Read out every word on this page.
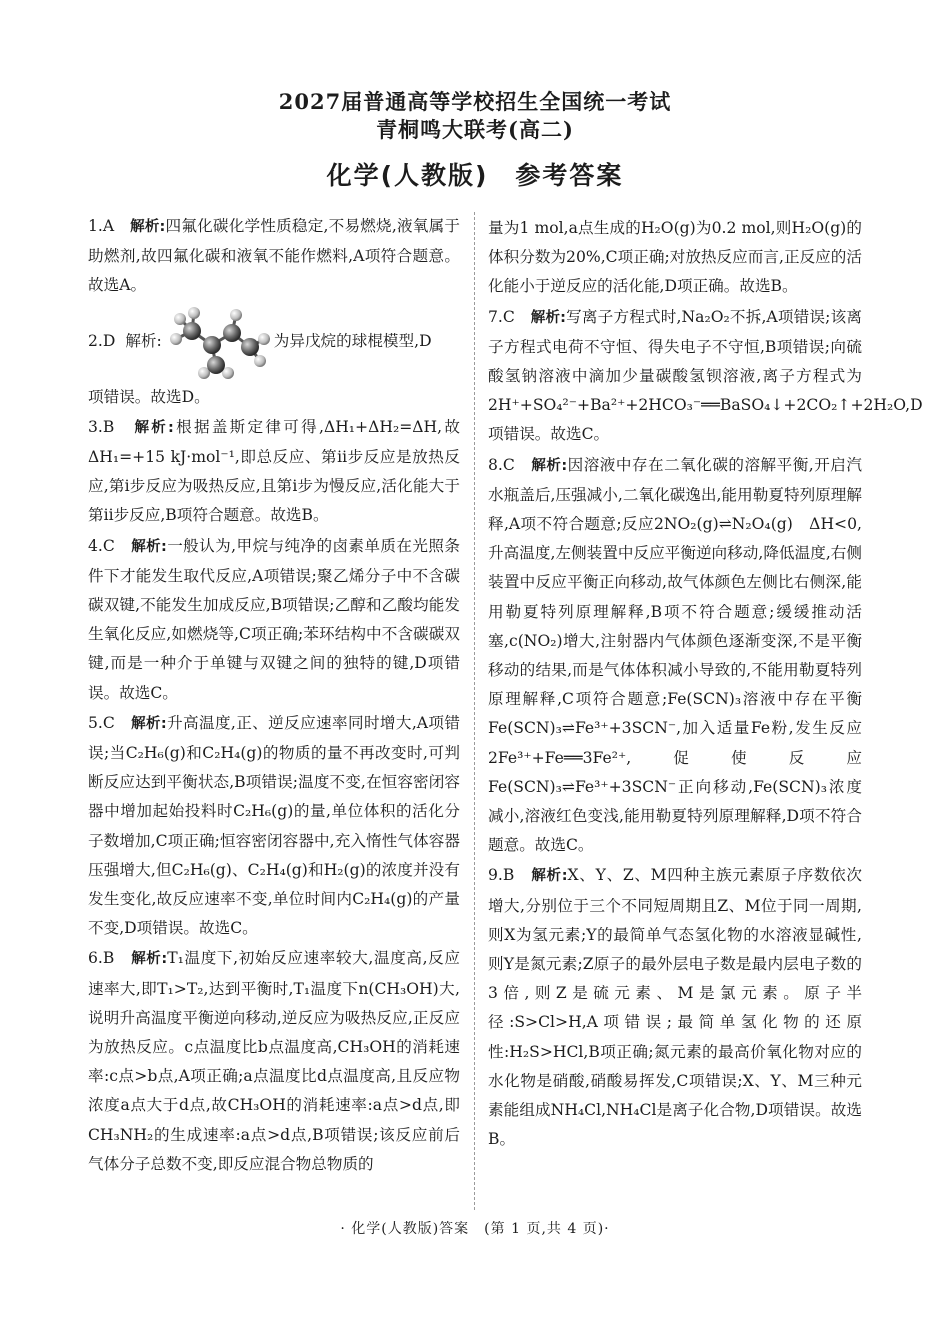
2027届普通高等学校招生全国统一考试
青桐鸣大联考(高二)
化学(人教版)　参考答案
1.A　 解析:四氟化碳化学性质稳定,不易燃烧,液氧属于助燃剂,故四氟化碳和液氧不能作燃料,A项符合题意。故选A。
2.D
解析:	为异戊烷的球棍模型,D
项错误。故选D。
3.B　 解析:根据盖斯定律可得,ΔH₁+ΔH₂=ΔH,故ΔH₁=+15 kJ·mol⁻¹,即总反应、第ⅱ步反应是放热反应,第ⅰ步反应为吸热反应,且第ⅰ步为慢反应,活化能大于第ⅱ步反应,B项符合题意。故选B。
4.C　 解析:一般认为,甲烷与纯净的卤素单质在光照条件下才能发生取代反应,A项错误;聚乙烯分子中不含碳碳双键,不能发生加成反应,B项错误;乙醇和乙酸均能发生氧化反应,如燃烧等,C项正确;苯环结构中不含碳碳双键,而是一种介于单键与双键之间的独特的键,D项错误。故选C。
5.C　 解析:升高温度,正、逆反应速率同时增大,A项错误;当C₂H₆(g)和C₂H₄(g)的物质的量不再改变时,可判断反应达到平衡状态,B项错误;温度不变,在恒容密闭容器中增加起始投料时C₂H₆(g)的量,单位体积的活化分子数增加,C项正确;恒容密闭容器中,充入惰性气体容器压强增大,但C₂H₆(g)、C₂H₄(g)和H₂(g)的浓度并没有发生变化,故反应速率不变,单位时间内C₂H₄(g)的产量不变,D项错误。故选C。
6.B　 解析:T₁温度下,初始反应速率较大,温度高,反应速率大,即T₁>T₂,达到平衡时,T₁温度下n(CH₃OH)大,说明升高温度平衡逆向移动,逆反应为吸热反应,正反应为放热反应。c点温度比b点温度高,CH₃OH的消耗速率:c点>b点,A项正确;a点温度比d点温度高,且反应物浓度a点大于d点,故CH₃OH的消耗速率:a点>d点,即CH₃NH₂的生成速率:a点>d点,B项错误;该反应前后气体分子总数不变,即反应混合物总物质的
量为1 mol,a点生成的H₂O(g)为0.2 mol,则H₂O(g)的体积分数为20%,C项正确;对放热反应而言,正反应的活化能小于逆反应的活化能,D项正确。故选B。
7.C　 解析:写离子方程式时,Na₂O₂不拆,A项错误;该离子方程式电荷不守恒、得失电子不守恒,B项错误;向硫酸氢钠溶液中滴加少量碳酸氢钡溶液,离子方程式为2H⁺+SO₄²⁻+Ba²⁺+2HCO₃⁻══BaSO₄↓+2CO₂↑+2H₂O,D项错误。故选C。
8.C　 解析:因溶液中存在二氧化碳的溶解平衡,开启汽水瓶盖后,压强减小,二氧化碳逸出,能用勒夏特列原理解释,A项不符合题意;反应2NO₂(g)⇌N₂O₄(g)　ΔH<0,升高温度,左侧装置中反应平衡逆向移动,降低温度,右侧装置中反应平衡正向移动,故气体颜色左侧比右侧深,能用勒夏特列原理解释,B项不符合题意;缓缓推动活塞,c(NO₂)增大,注射器内气体颜色逐渐变深,不是平衡移动的结果,而是气体体积减小导致的,不能用勒夏特列原理解释,C项符合题意;Fe(SCN)₃溶液中存在平衡Fe(SCN)₃⇌Fe³⁺+3SCN⁻,加入适量Fe粉,发生反应2Fe³⁺+Fe══3Fe²⁺,促使反应Fe(SCN)₃⇌Fe³⁺+3SCN⁻正向移动,Fe(SCN)₃浓度减小,溶液红色变浅,能用勒夏特列原理解释,D项不符合题意。故选C。
9.B　 解析:X、Y、Z、M四种主族元素原子序数依次增大,分别位于三个不同短周期且Z、M位于同一周期,则X为氢元素;Y的最简单气态氢化物的水溶液显碱性,则Y是氮元素;Z原子的最外层电子数是最内层电子数的3倍,则Z是硫元素、M是氯元素。原子半径:S>Cl>H,A项错误;最简单氢化物的还原性:H₂S>HCl,B项正确;氮元素的最高价氧化物对应的水化物是硝酸,硝酸易挥发,C项错误;X、Y、M三种元素能组成NH₄Cl,NH₄Cl是离子化合物,D项错误。故选B。
· 化学(人教版)答案　(第 1 页,共 4 页)·
